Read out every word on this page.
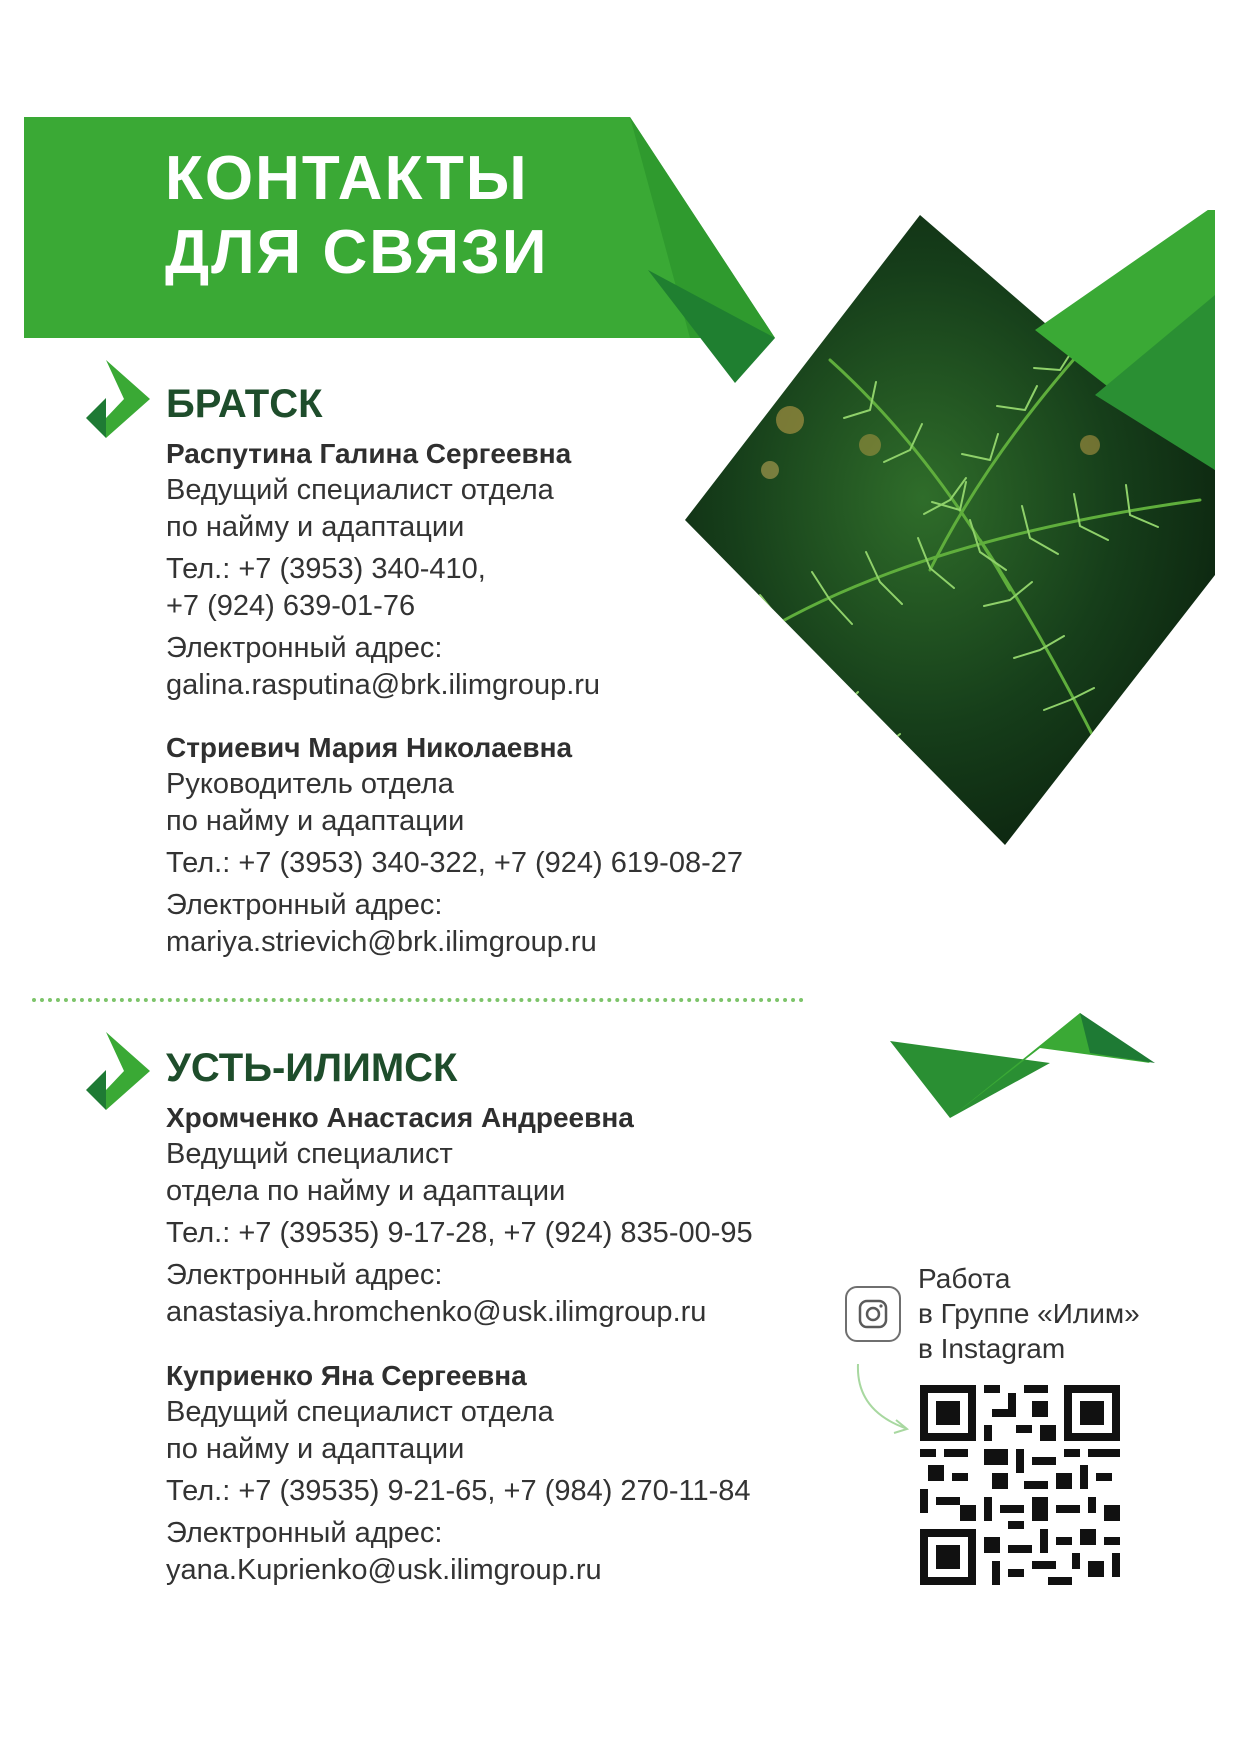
КОНТАКТЫ
ДЛЯ СВЯЗИ
БРАТСК
Распутина Галина Сергеевна
Ведущий специалист отдела
по найму и адаптации
Тел.: +7 (3953) 340-410,
+7 (924) 639-01-76
Электронный адрес:
galina.rasputina@brk.ilimgroup.ru
Стриевич Мария Николаевна
Руководитель отдела
по найму и адаптации
Тел.: +7 (3953) 340-322, +7 (924) 619-08-27
Электронный адрес:
mariya.strievich@brk.ilimgroup.ru
УСТЬ-ИЛИМСК
Хромченко Анастасия Андреевна
Ведущий специалист
отдела по найму и адаптации
Тел.: +7 (39535) 9-17-28, +7 (924) 835-00-95
Электронный адрес:
anastasiya.hromchenko@usk.ilimgroup.ru
Куприенко Яна Сергеевна
Ведущий специалист отдела
по найму и адаптации
Тел.: +7 (39535) 9-21-65, +7 (984) 270-11-84
Электронный адрес:
yana.Kuprienko@usk.ilimgroup.ru
Работа
в Группе «Илим»
в Instagram
